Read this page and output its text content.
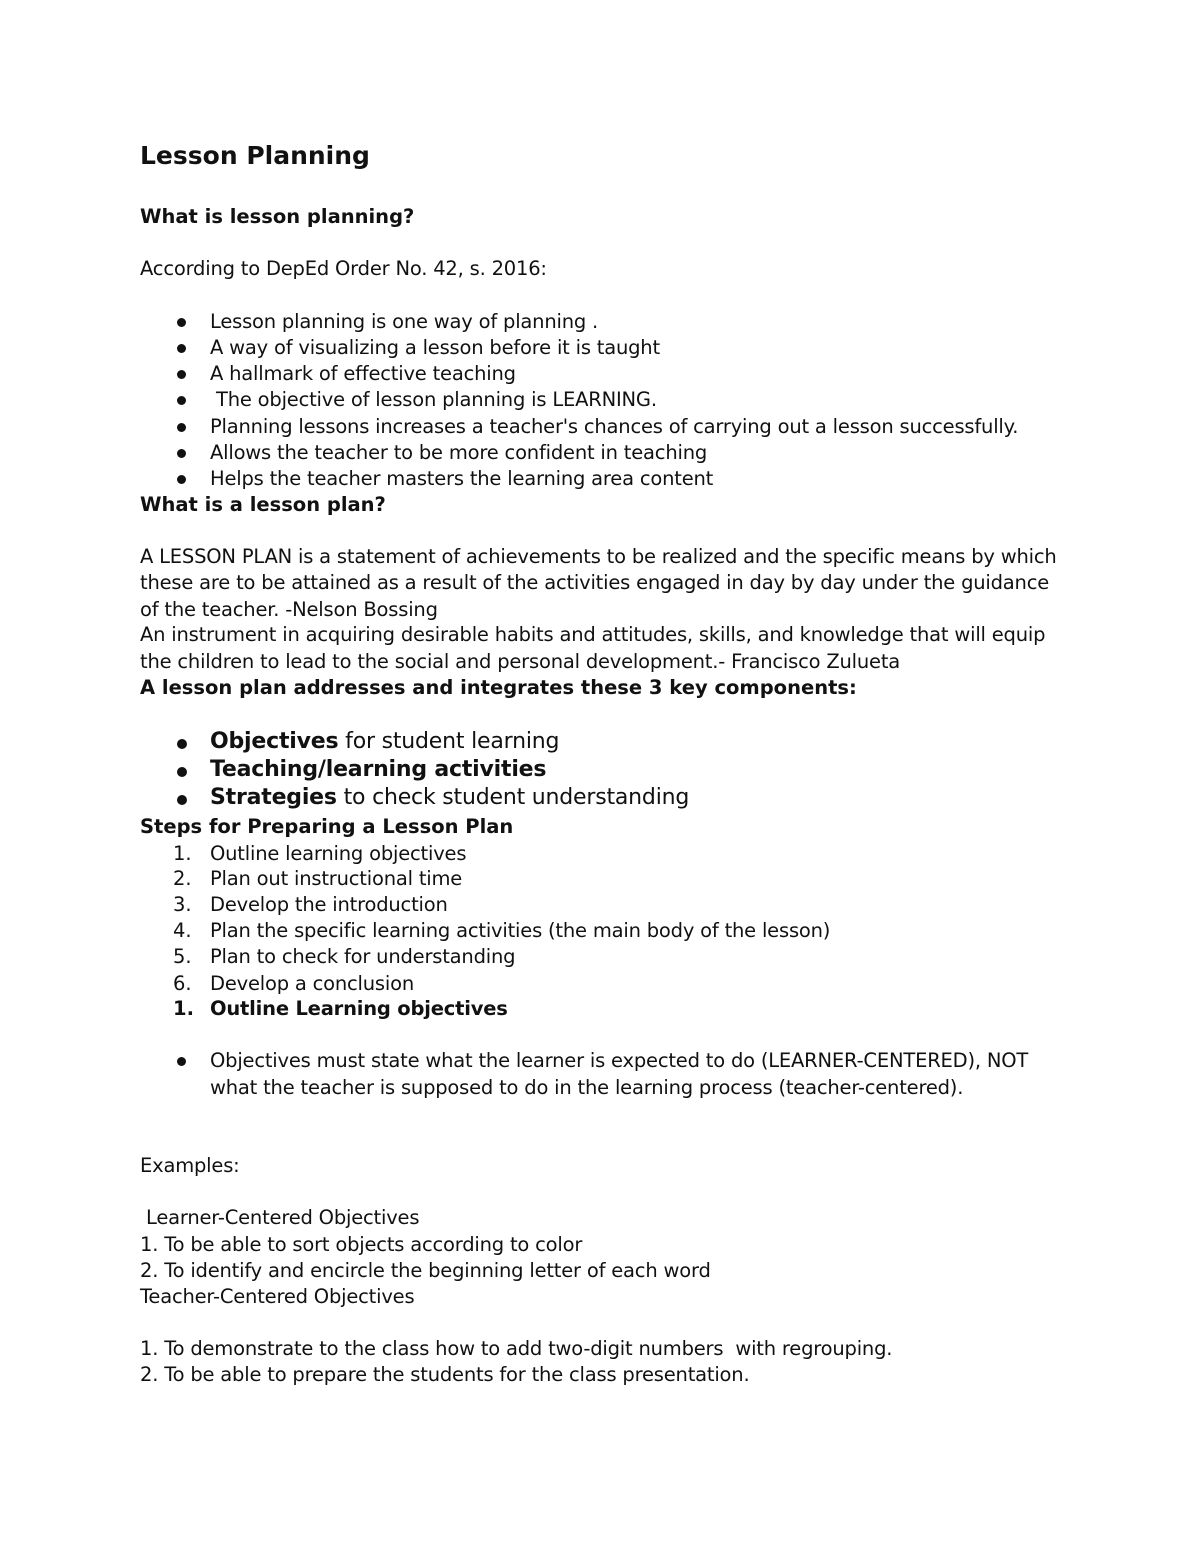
Lesson Planning
What is lesson planning?
According to DepEd Order No. 42, s. 2016:
Lesson planning is one way of planning .
A way of visualizing a lesson before it is taught
A hallmark of effective teaching
The objective of lesson planning is LEARNING.
Planning lessons increases a teacher's chances of carrying out a lesson successfully.
Allows the teacher to be more confident in teaching
Helps the teacher masters the learning area content
What is a lesson plan?
A LESSON PLAN is a statement of achievements to be realized and the specific means by which
these are to be attained as a result of the activities engaged in day by day under the guidance
of the teacher. -Nelson Bossing
An instrument in acquiring desirable habits and attitudes, skills, and knowledge that will equip
the children to lead to the social and personal development.- Francisco Zulueta
A lesson plan addresses and integrates these 3 key components:
Objectives for student learning
Teaching/learning activities
Strategies to check student understanding
Steps for Preparing a Lesson Plan
1. Outline learning objectives
2. Plan out instructional time
3. Develop the introduction
4. Plan the specific learning activities (the main body of the lesson)
5. Plan to check for understanding
6. Develop a conclusion
1. Outline Learning objectives
Objectives must state what the learner is expected to do (LEARNER-CENTERED), NOT
what the teacher is supposed to do in the learning process (teacher-centered).
Examples:
Learner-Centered Objectives
1. To be able to sort objects according to color
2. To identify and encircle the beginning letter of each word
Teacher-Centered Objectives
1. To demonstrate to the class how to add two-digit numbers  with regrouping.
2. To be able to prepare the students for the class presentation.
